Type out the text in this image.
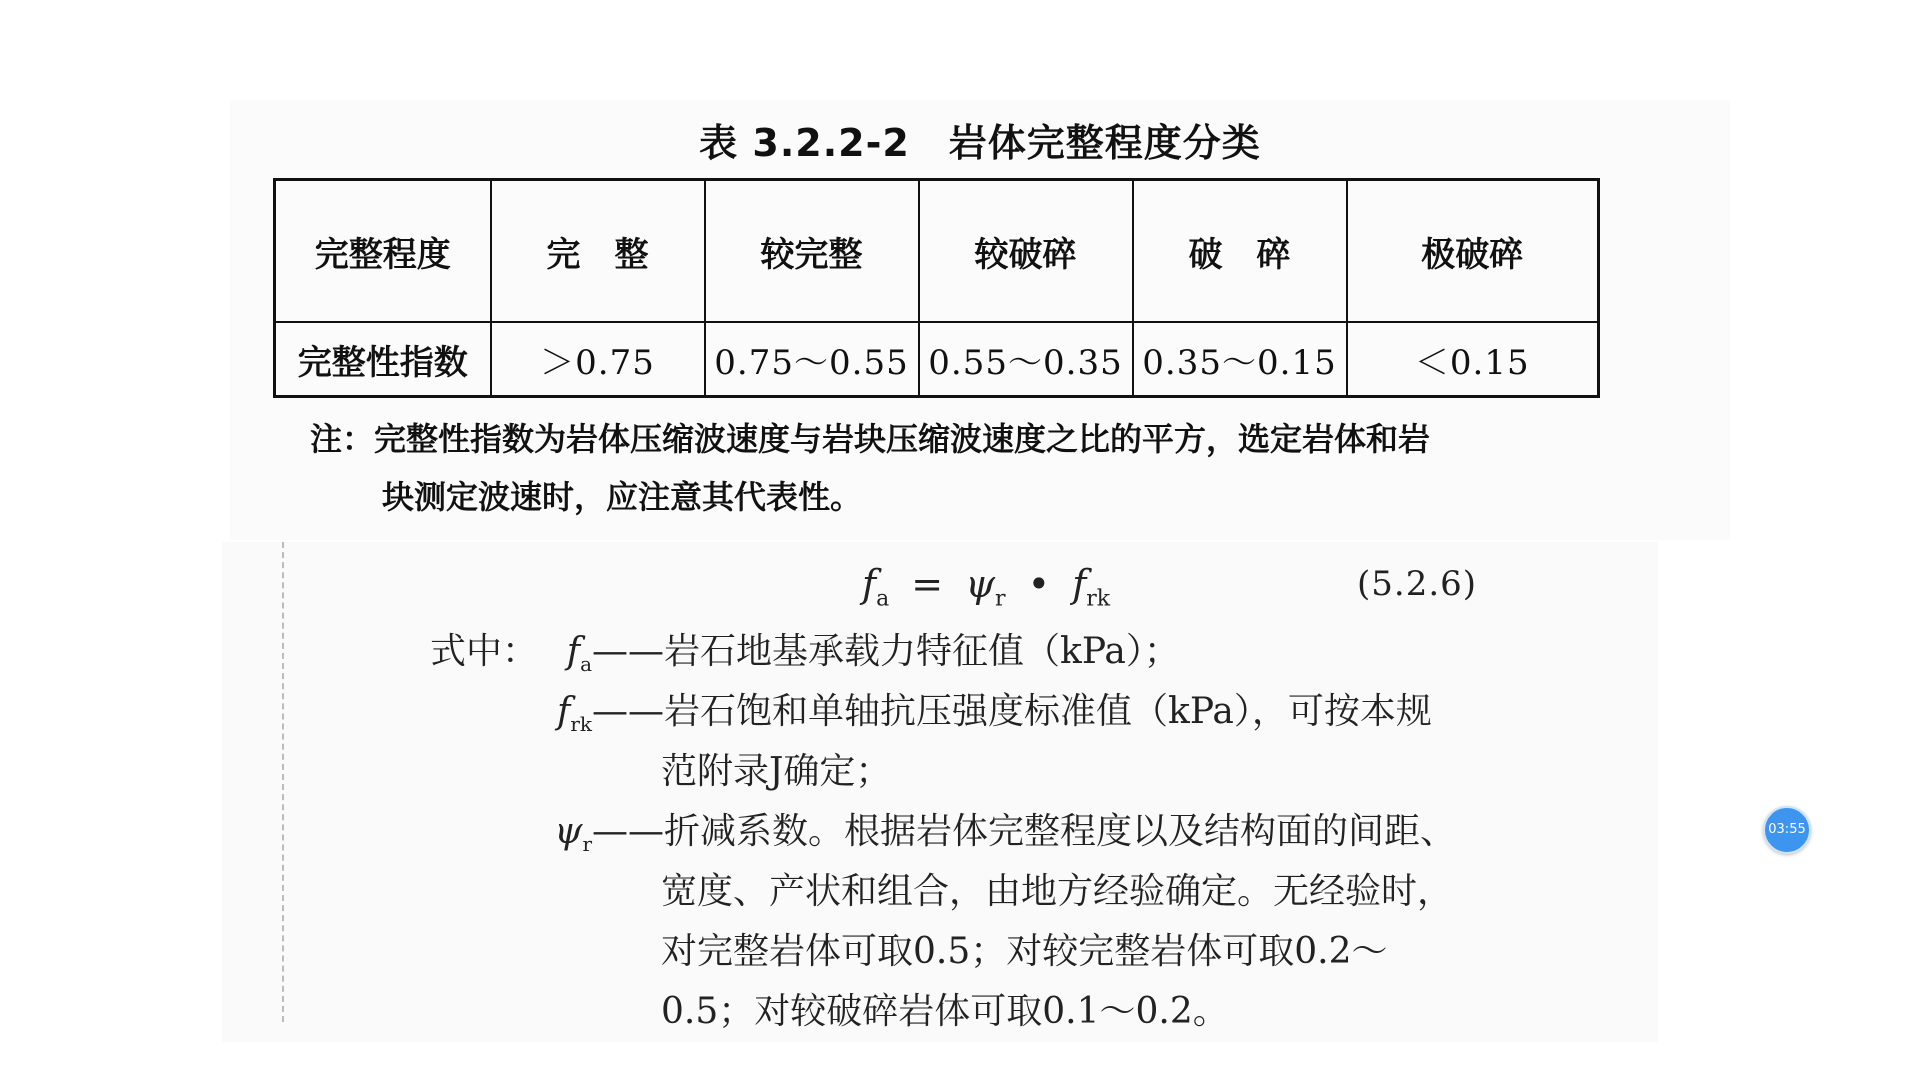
表 3.2.2-2　岩体完整程度分类
完整程度	完　整	较完整	较破碎	破　碎	极破碎
完整性指数	＞0.75	0.75～0.55	0.55～0.35	0.35～0.15	＜0.15
注：完整性指数为岩体压缩波速度与岩块压缩波速度之比的平方，选定岩体和岩
块测定波速时，应注意其代表性。
$f_a = \psi_r$ • $f_{rk}$	(5.2.6)
式中： $f_a——$岩石地基承载力特征值（kPa）；
$f_{rk}——$岩石饱和单轴抗压强度标准值（kPa），可按本规
范附录J确定；
$\psi_r——$折减系数。根据岩体完整程度以及结构面的间距、
宽度、产状和组合，由地方经验确定。无经验时，
对完整岩体可取0.5；对较完整岩体可取0.2～
0.5；对较破碎岩体可取0.1～0.2。
03:55
